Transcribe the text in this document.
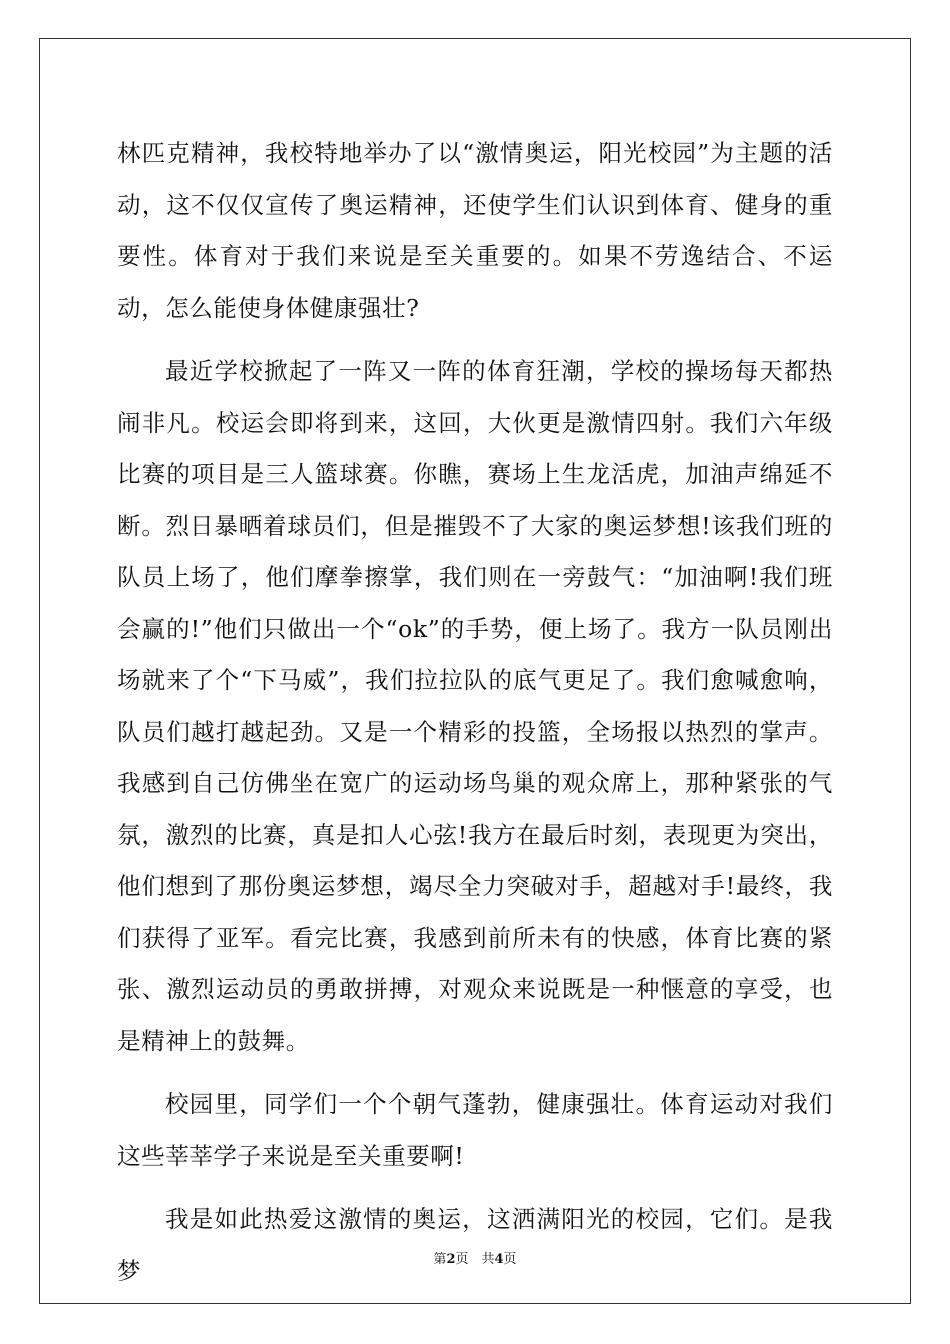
林匹克精神，我校特地举办了以“激情奥运，阳光校园”为主题的活动，这不仅仅宣传了奥运精神，还使学生们认识到体育、健身的重要性。体育对于我们来说是至关重要的。如果不劳逸结合、不运动，怎么能使身体健康强壮?

最近学校掀起了一阵又一阵的体育狂潮，学校的操场每天都热闹非凡。校运会即将到来，这回，大伙更是激情四射。我们六年级比赛的项目是三人篮球赛。你瞧，赛场上生龙活虎，加油声绵延不断。烈日暴晒着球员们，但是摧毁不了大家的奥运梦想!该我们班的队员上场了，他们摩拳擦掌，我们则在一旁鼓气：“加油啊!我们班会赢的!”他们只做出一个“ok”的手势，便上场了。我方一队员刚出场就来了个“下马威”，我们拉拉队的底气更足了。我们愈喊愈响，队员们越打越起劲。又是一个精彩的投篮，全场报以热烈的掌声。我感到自己仿佛坐在宽广的运动场鸟巢的观众席上，那种紧张的气氛，激烈的比赛，真是扣人心弦!我方在最后时刻，表现更为突出，他们想到了那份奥运梦想，竭尽全力突破对手，超越对手!最终，我们获得了亚军。看完比赛，我感到前所未有的快感，体育比赛的紧张、激烈运动员的勇敢拼搏，对观众来说既是一种惬意的享受，也是精神上的鼓舞。

校园里，同学们一个个朝气蓬勃，健康强壮。体育运动对我们这些莘莘学子来说是至关重要啊!

我是如此热爱这激情的奥运，这洒满阳光的校园，它们。是我梦	第2页　共4页
